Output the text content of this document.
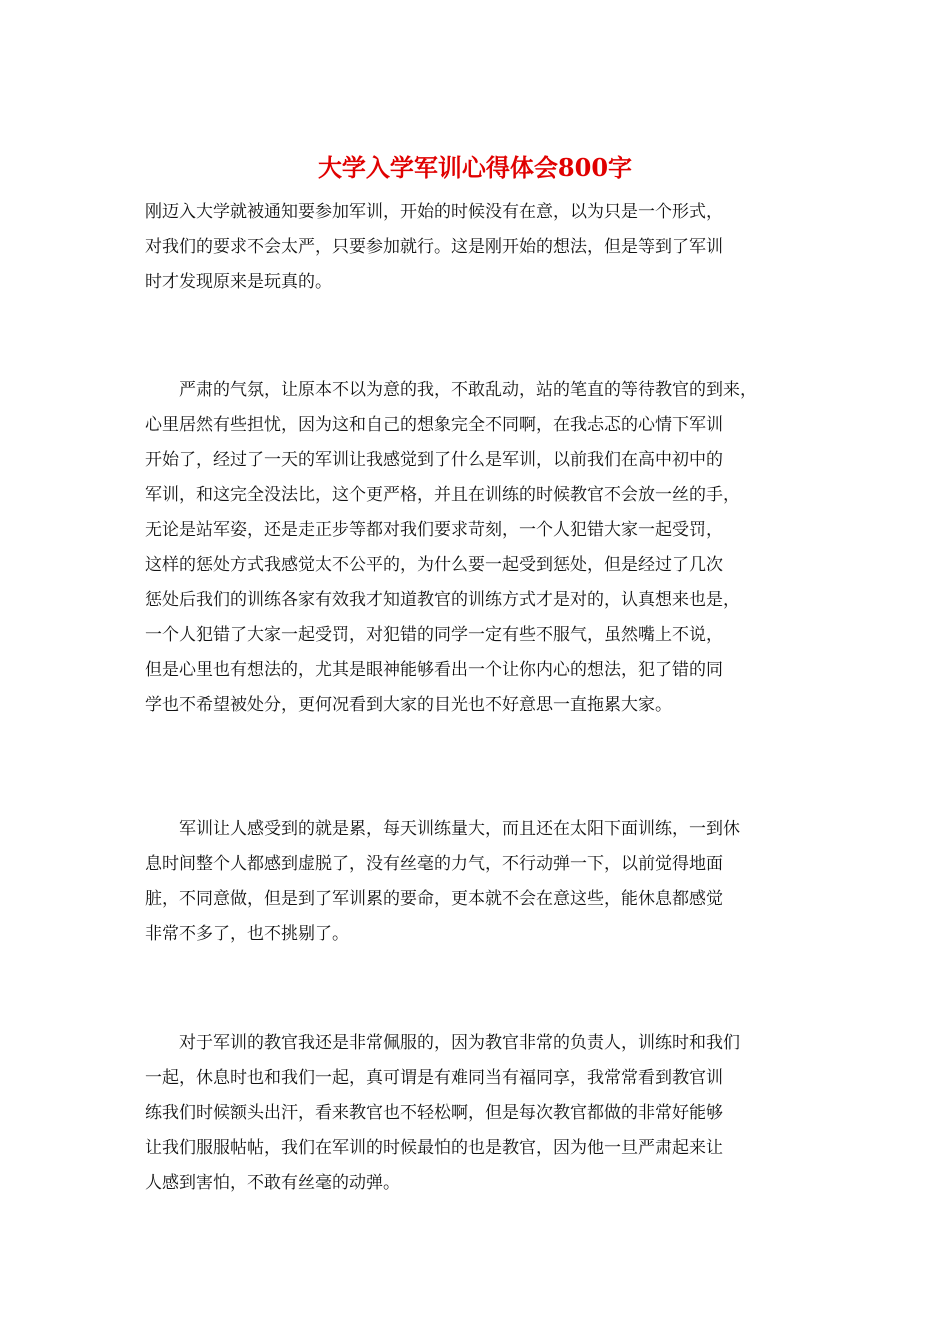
大学入学军训心得体会800字

刚迈入大学就被通知要参加军训，开始的时候没有在意，以为只是一个形式，
对我们的要求不会太严，只要参加就行。这是刚开始的想法，但是等到了军训
时才发现原来是玩真的。

　　严肃的气氛，让原本不以为意的我，不敢乱动，站的笔直的等待教官的到来，
心里居然有些担忧，因为这和自己的想象完全不同啊，在我忐忑的心情下军训
开始了，经过了一天的军训让我感觉到了什么是军训，以前我们在高中初中的
军训，和这完全没法比，这个更严格，并且在训练的时候教官不会放一丝的手，
无论是站军姿，还是走正步等都对我们要求苛刻，一个人犯错大家一起受罚，
这样的惩处方式我感觉太不公平的，为什么要一起受到惩处，但是经过了几次
惩处后我们的训练各家有效我才知道教官的训练方式才是对的，认真想来也是，
一个人犯错了大家一起受罚，对犯错的同学一定有些不服气，虽然嘴上不说，
但是心里也有想法的，尤其是眼神能够看出一个让你内心的想法，犯了错的同
学也不希望被处分，更何况看到大家的目光也不好意思一直拖累大家。

　　军训让人感受到的就是累，每天训练量大，而且还在太阳下面训练，一到休
息时间整个人都感到虚脱了，没有丝毫的力气，不行动弹一下，以前觉得地面
脏，不同意做，但是到了军训累的要命，更本就不会在意这些，能休息都感觉
非常不多了，也不挑剔了。

　　对于军训的教官我还是非常佩服的，因为教官非常的负责人，训练时和我们
一起，休息时也和我们一起，真可谓是有难同当有福同享，我常常看到教官训
练我们时候额头出汗，看来教官也不轻松啊，但是每次教官都做的非常好能够
让我们服服帖帖，我们在军训的时候最怕的也是教官，因为他一旦严肃起来让
人感到害怕，不敢有丝毫的动弹。
